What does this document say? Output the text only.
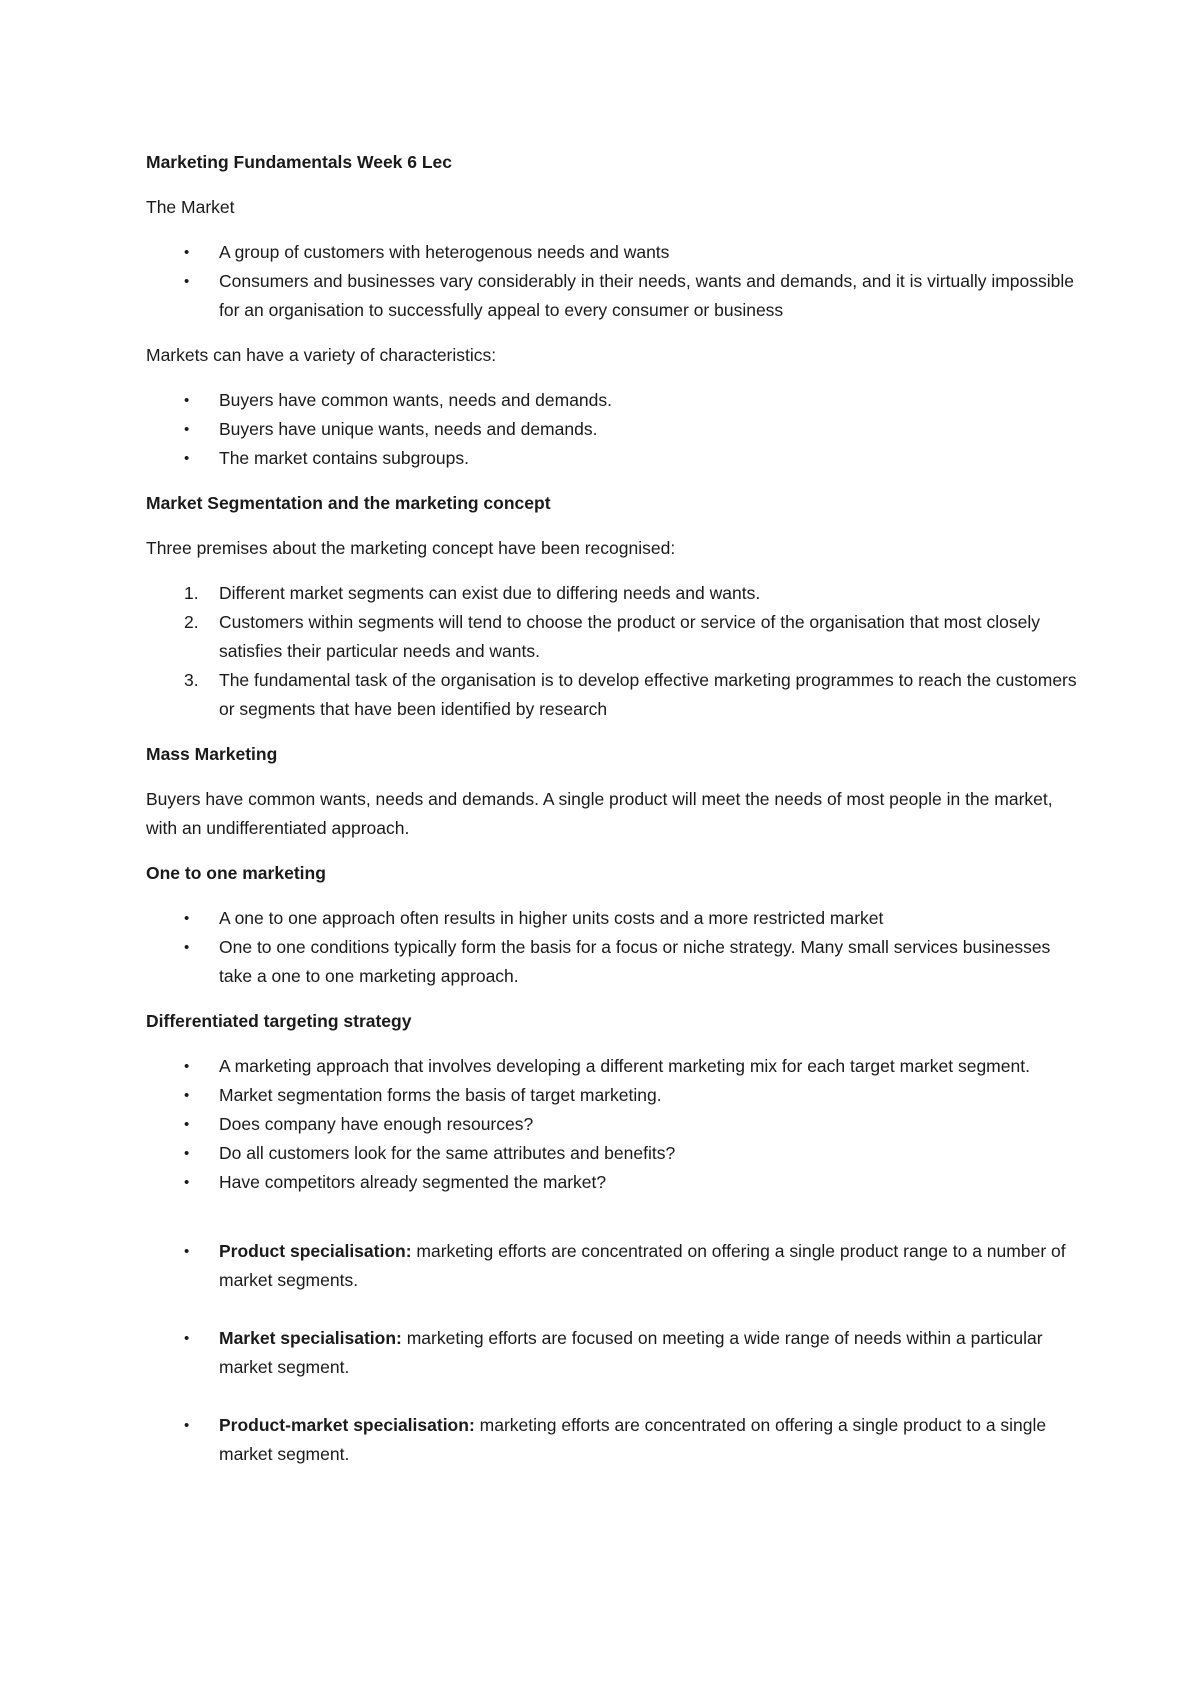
Marketing Fundamentals Week 6 Lec

The Market

• A group of customers with heterogenous needs and wants
• Consumers and businesses vary considerably in their needs, wants and demands, and it is virtually impossible for an organisation to successfully appeal to every consumer or business

Markets can have a variety of characteristics:

• Buyers have common wants, needs and demands.
• Buyers have unique wants, needs and demands.
• The market contains subgroups.

Market Segmentation and the marketing concept

Three premises about the marketing concept have been recognised:

1. Different market segments can exist due to differing needs and wants.
2. Customers within segments will tend to choose the product or service of the organisation that most closely satisfies their particular needs and wants.
3. The fundamental task of the organisation is to develop effective marketing programmes to reach the customers or segments that have been identified by research

Mass Marketing

Buyers have common wants, needs and demands. A single product will meet the needs of most people in the market, with an undifferentiated approach.

One to one marketing

• A one to one approach often results in higher units costs and a more restricted market
• One to one conditions typically form the basis for a focus or niche strategy. Many small services businesses take a one to one marketing approach.

Differentiated targeting strategy

• A marketing approach that involves developing a different marketing mix for each target market segment.
• Market segmentation forms the basis of target marketing.
• Does company have enough resources?
• Do all customers look for the same attributes and benefits?
• Have competitors already segmented the market?
• Product specialisation: marketing efforts are concentrated on offering a single product range to a number of market segments.
• Market specialisation: marketing efforts are focused on meeting a wide range of needs within a particular market segment.
• Product-market specialisation: marketing efforts are concentrated on offering a single product to a single market segment.
